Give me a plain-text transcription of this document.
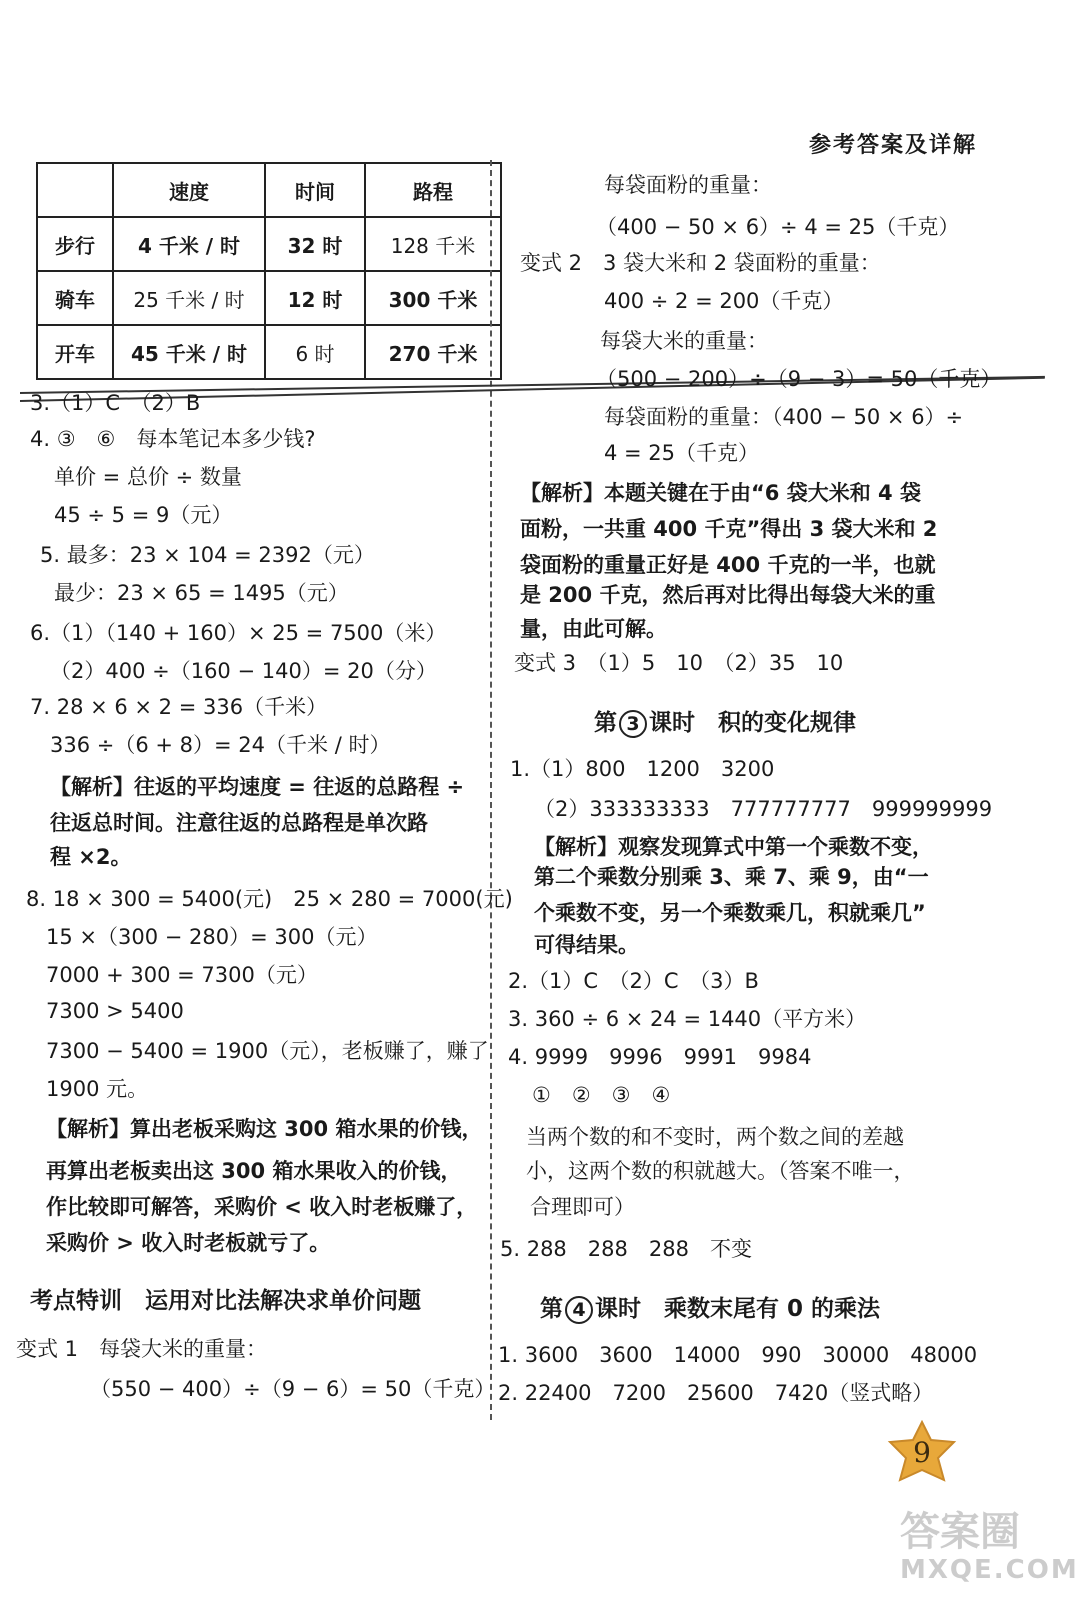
参考答案及详解
	速度	时间	路程
步行	4 千米 / 时	32 时	128 千米
骑车	25 千米 / 时	12 时	300 千米
开车	45 千米 / 时	6 时	270 千米
3.（1）C　（2）B
4. ③　⑥　每本笔记本多少钱?
单价 = 总价 ÷ 数量
45 ÷ 5 = 9（元）
5. 最多：23 × 104 = 2392（元）
最少：23 × 65 = 1495（元）
6.（1）（140 + 160）× 25 = 7500（米）
（2）400 ÷（160 − 140）= 20（分）
7. 28 × 6 × 2 = 336（千米）
336 ÷（6 + 8）= 24（千米 / 时）
【解析】往返的平均速度 = 往返的总路程 ÷
往返总时间。注意往返的总路程是单次路
程 ×2。
8. 18 × 300 = 5400(元)　25 × 280 = 7000(元)
15 ×（300 − 280）= 300（元）
7000 + 300 = 7300（元）
7300 > 5400
7300 − 5400 = 1900（元），老板赚了，赚了
1900 元。
【解析】算出老板采购这 300 箱水果的价钱，
再算出老板卖出这 300 箱水果收入的价钱，
作比较即可解答，采购价 < 收入时老板赚了，
采购价 > 收入时老板就亏了。
考点特训　运用对比法解决求单价问题
变式 1　每袋大米的重量：
（550 − 400）÷（9 − 6）= 50（千克）
每袋面粉的重量：
（400 − 50 × 6）÷ 4 = 25（千克）
变式 2　3 袋大米和 2 袋面粉的重量：
400 ÷ 2 = 200（千克）
每袋大米的重量：
（500 − 200）÷（9 − 3）= 50（千克）
每袋面粉的重量：（400 − 50 × 6）÷
4 = 25（千克）
【解析】本题关键在于由“6 袋大米和 4 袋
面粉，一共重 400 千克”得出 3 袋大米和 2
袋面粉的重量正好是 400 千克的一半，也就
是 200 千克，然后再对比得出每袋大米的重
量，由此可解。
变式 3　（1）5　10　（2）35　10
第 3 课时　积的变化规律
1.（1）800　1200　3200
（2）333333333　777777777　999999999
【解析】观察发现算式中第一个乘数不变，
第二个乘数分别乘 3、乘 7、乘 9，由“一
个乘数不变，另一个乘数乘几，积就乘几”
可得结果。
2.（1）C　（2）C　（3）B
3. 360 ÷ 6 × 24 = 1440（平方米）
4. 9999　9996　9991　9984
①　②　③　④
当两个数的和不变时，两个数之间的差越
小，这两个数的积就越大。（答案不唯一，
合理即可）
5. 288　288　288　不变
第 4 课时　乘数末尾有 0 的乘法
1. 3600　3600　14000　990　30000　48000
2. 22400　7200　25600　7420（竖式略）
9
答案圈
MXQE.COM
